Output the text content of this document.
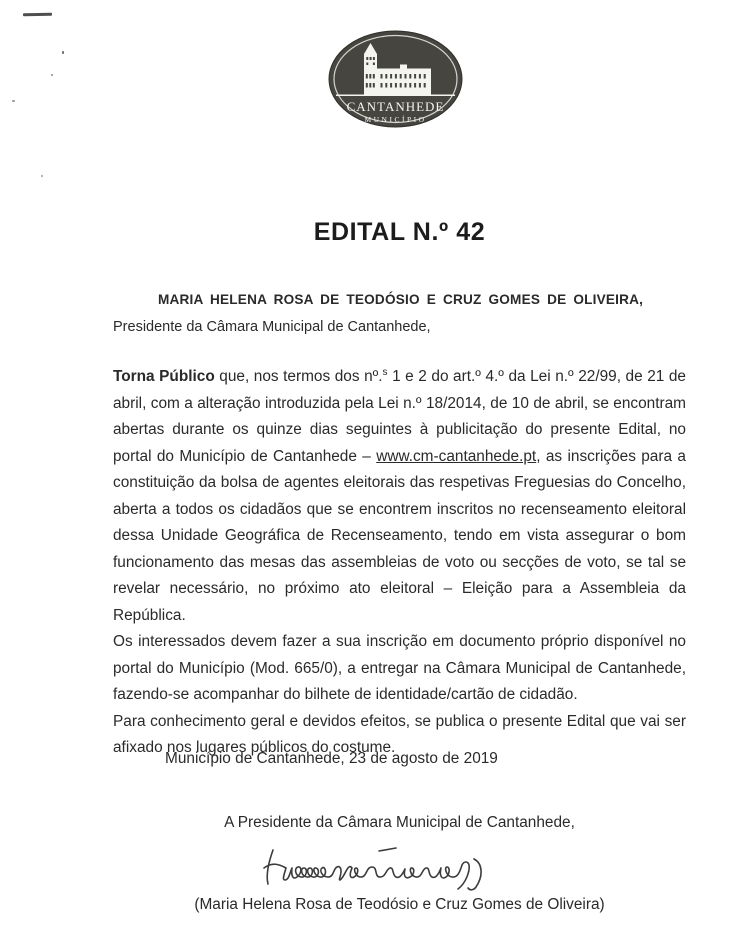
CANTANHEDE
MUNICÍPIO
EDITAL N.º 42

MARIA HELENA ROSA DE TEODÓSIO E CRUZ GOMES DE OLIVEIRA,

Presidente da Câmara Municipal de Cantanhede,

Torna Público que, nos termos dos nº.$^s$ 1 e 2 do art.º 4.º da Lei n.º 22/99, de 21 de abril, com a alteração introduzida pela Lei n.º 18/2014, de 10 de abril, se encontram abertas durante os quinze dias seguintes à publicitação do presente Edital, no portal do Município de Cantanhede – www.cm-cantanhede.pt, as inscrições para a constituição da bolsa de agentes eleitorais das respetivas Freguesias do Concelho, aberta a todos os cidadãos que se encontrem inscritos no recenseamento eleitoral dessa Unidade Geográfica de Recenseamento, tendo em vista assegurar o bom funcionamento das mesas das assembleias de voto ou secções de voto, se tal se revelar necessário, no próximo ato eleitoral – Eleição para a Assembleia da República.

Os interessados devem fazer a sua inscrição em documento próprio disponível no portal do Município (Mod. 665/0), a entregar na Câmara Municipal de Cantanhede, fazendo-se acompanhar do bilhete de identidade/cartão de cidadão.

Para conhecimento geral e devidos efeitos, se publica o presente Edital que vai ser afixado nos lugares públicos do costume.

Município de Cantanhede, 23 de agosto de 2019

A Presidente da Câmara Municipal de Cantanhede,

(Maria Helena Rosa de Teodósio e Cruz Gomes de Oliveira)
